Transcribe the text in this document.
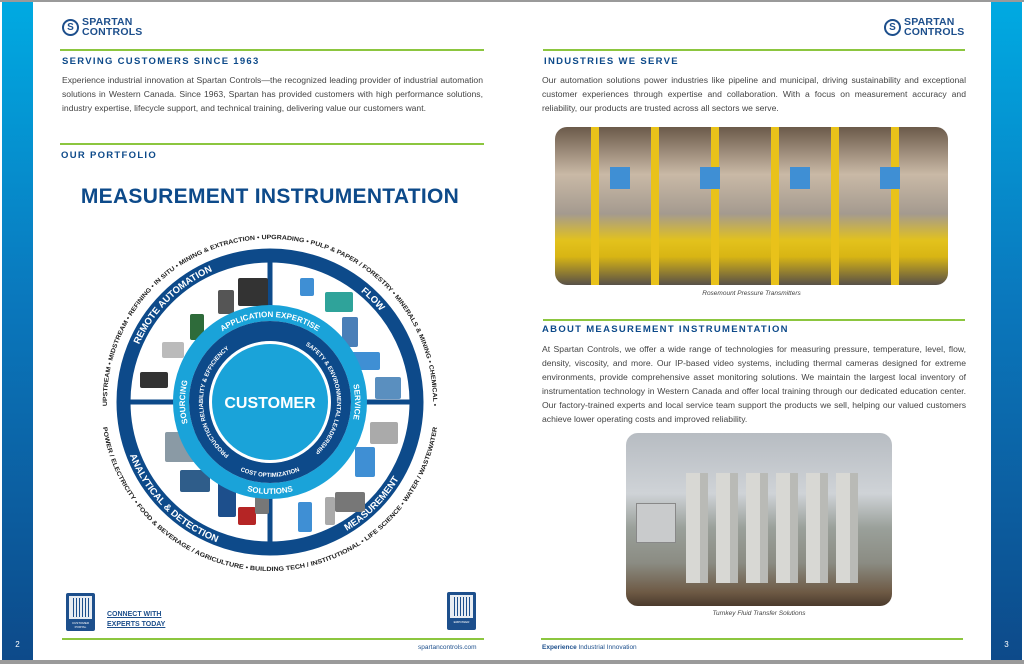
2	3
S SPARTAN
CONTROLS
SERVING CUSTOMERS SINCE 1963
Experience industrial innovation at Spartan Controls—the recognized leading provider of industrial automation solutions in Western Canada. Since 1963, Spartan has provided customers with high performance solutions, industry expertise, lifecycle support, and technical training, delivering value our customers want.
OUR PORTFOLIO
MEASUREMENT INSTRUMENTATION
CUSTOMER
UPSTREAM • MIDSTREAM • REFINING • IN SITU • MINING & EXTRACTION • UPGRADING • PULP & PAPER / FORESTRY • MINERALS & MINING • CHEMICAL •
POWER / ELECTRICITY • FOOD & BEVERAGE / AGRICULTURE • BUILDING TECH / INSTITUTIONAL • LIFE SCIENCE • WATER / WASTEWATER
REMOTE AUTOMATION
FLOW
MEASUREMENT
ANALYTICAL & DETECTION
APPLICATION EXPERTISE
SERVICE
SOLUTIONS
SOURCING
PRODUCTION RELIABILITY & EFFICIENCY
SAFETY & ENVIRONMENTAL LEADERSHIP
COST OPTIMIZATION
CUSTOMER PORTAL
CONNECT WITH
EXPERTS TODAY	EMPOWER
spartancontrols.com
S SPARTAN
CONTROLS
INDUSTRIES WE SERVE
Our automation solutions power industries like pipeline and municipal, driving sustainability and exceptional customer experiences through expertise and collaboration. With a focus on measurement accuracy and reliability, our products are trusted across all sectors we serve.
Rosemount Pressure Transmitters
ABOUT MEASUREMENT INSTRUMENTATION
At Spartan Controls, we offer a wide range of technologies for measuring pressure, temperature, level, flow, density, viscosity, and more. Our IP-based video systems, including thermal cameras designed for extreme environments, provide comprehensive asset monitoring solutions. We maintain the largest local inventory of instrumentation technology in Western Canada and offer local training through our dedicated education center. Our factory-trained experts and local service team support the products we sell, helping our valued customers achieve lower operating costs and improved reliability.
Turnkey Fluid Transfer Solutions
Experience Industrial Innovation
